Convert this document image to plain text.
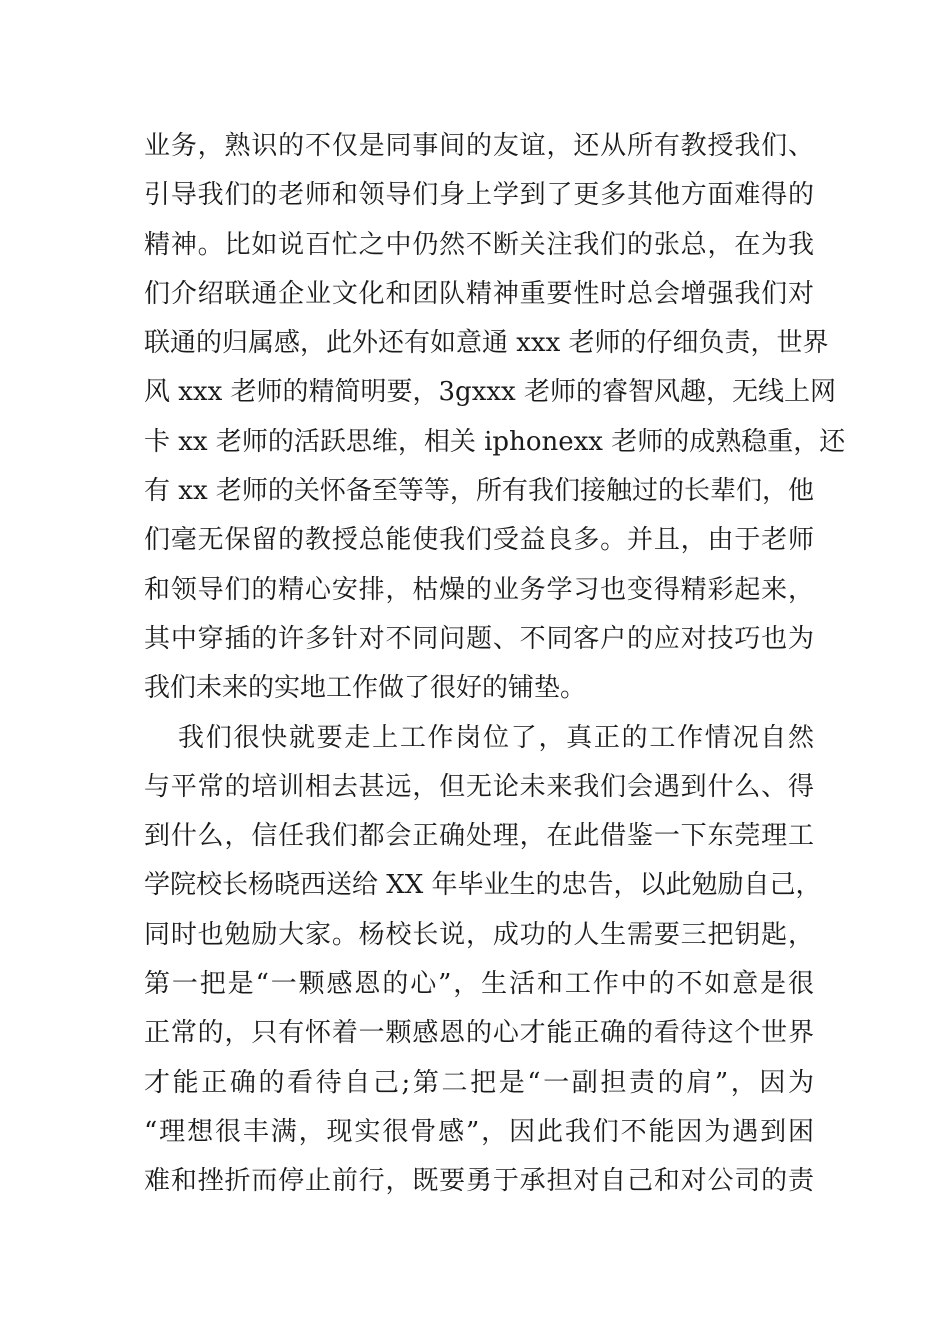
业务，熟识的不仅是同事间的友谊，还从所有教授我们、
引导我们的老师和领导们身上学到了更多其他方面难得的
精神。比如说百忙之中仍然不断关注我们的张总，在为我
们介绍联通企业文化和团队精神重要性时总会增强我们对
联通的归属感，此外还有如意通 xxx 老师的仔细负责，世界
风 xxx 老师的精简明要，3gxxx 老师的睿智风趣，无线上网
卡 xx 老师的活跃思维，相关 iphonexx 老师的成熟稳重，还
有 xx 老师的关怀备至等等，所有我们接触过的长辈们，他
们毫无保留的教授总能使我们受益良多。并且，由于老师
和领导们的精心安排，枯燥的业务学习也变得精彩起来，
其中穿插的许多针对不同问题、不同客户的应对技巧也为
我们未来的实地工作做了很好的铺垫。
我们很快就要走上工作岗位了，真正的工作情况自然
与平常的培训相去甚远，但无论未来我们会遇到什么、得
到什么，信任我们都会正确处理，在此借鉴一下东莞理工
学院校长杨晓西送给 XX 年毕业生的忠告，以此勉励自己，
同时也勉励大家。杨校长说，成功的人生需要三把钥匙，
第一把是“一颗感恩的心”，生活和工作中的不如意是很
正常的，只有怀着一颗感恩的心才能正确的看待这个世界
才能正确的看待自己;第二把是“一副担责的肩”，因为
“理想很丰满，现实很骨感”，因此我们不能因为遇到困
难和挫折而停止前行，既要勇于承担对自己和对公司的责
